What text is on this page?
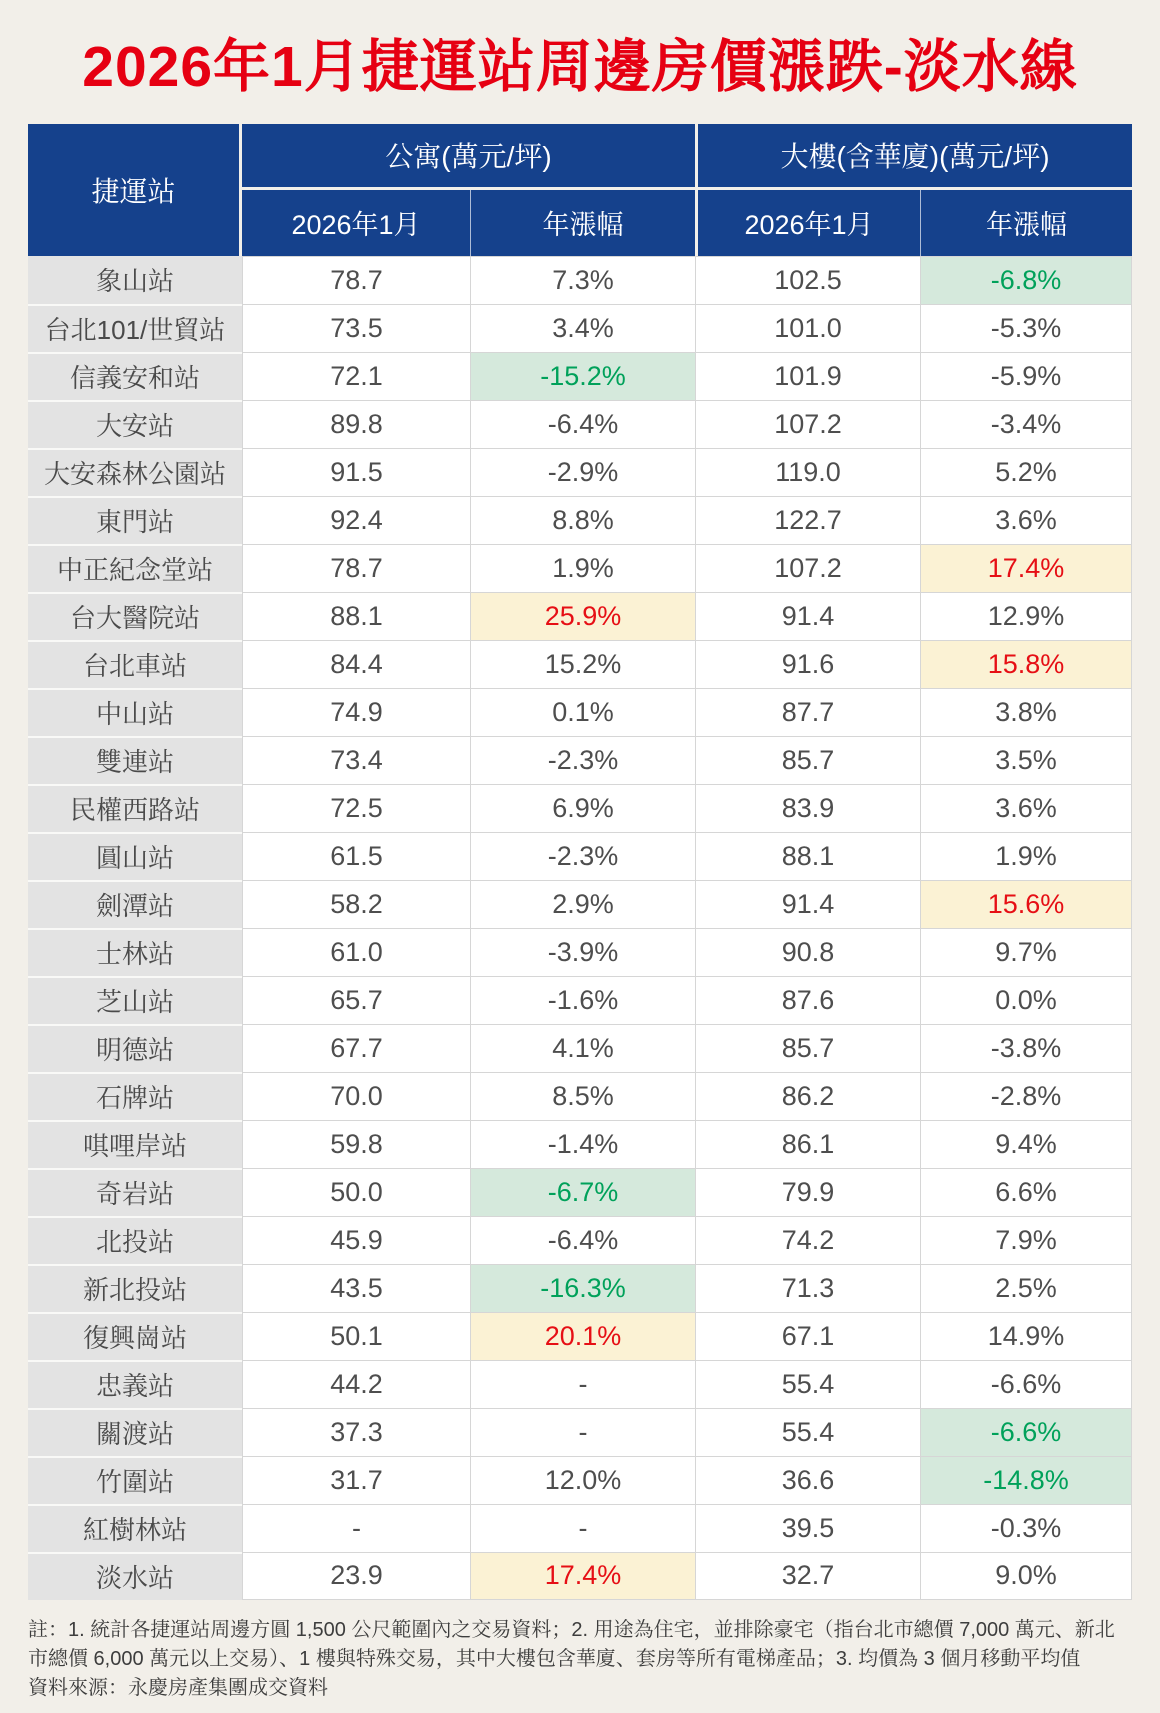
2026年1月捷運站周邊房價漲跌-淡水線
捷運站	公寓(萬元/坪)		大樓(含華廈)(萬元/坪)	
	2026年1月	年漲幅	2026年1月	年漲幅
象山站	78.7	7.3%	102.5	-6.8%
台北101/世貿站	73.5	3.4%	101.0	-5.3%
信義安和站	72.1	-15.2%	101.9	-5.9%
大安站	89.8	-6.4%	107.2	-3.4%
大安森林公園站	91.5	-2.9%	119.0	5.2%
東門站	92.4	8.8%	122.7	3.6%
中正紀念堂站	78.7	1.9%	107.2	17.4%
台大醫院站	88.1	25.9%	91.4	12.9%
台北車站	84.4	15.2%	91.6	15.8%
中山站	74.9	0.1%	87.7	3.8%
雙連站	73.4	-2.3%	85.7	3.5%
民權西路站	72.5	6.9%	83.9	3.6%
圓山站	61.5	-2.3%	88.1	1.9%
劍潭站	58.2	2.9%	91.4	15.6%
士林站	61.0	-3.9%	90.8	9.7%
芝山站	65.7	-1.6%	87.6	0.0%
明德站	67.7	4.1%	85.7	-3.8%
石牌站	70.0	8.5%	86.2	-2.8%
唭哩岸站	59.8	-1.4%	86.1	9.4%
奇岩站	50.0	-6.7%	79.9	6.6%
北投站	45.9	-6.4%	74.2	7.9%
新北投站	43.5	-16.3%	71.3	2.5%
復興崗站	50.1	20.1%	67.1	14.9%
忠義站	44.2	-	55.4	-6.6%
關渡站	37.3	-	55.4	-6.6%
竹圍站	31.7	12.0%	36.6	-14.8%
紅樹林站	-	-	39.5	-0.3%
淡水站	23.9	17.4%	32.7	9.0%

註：1. 統計各捷運站周邊方圓 1,500 公尺範圍內之交易資料；2. 用途為住宅，並排除豪宅（指台北市總價 7,000 萬元、新北市總價 6,000 萬元以上交易）、1 樓與特殊交易，其中大樓包含華廈、套房等所有電梯產品；3. 均價為 3 個月移動平均值

資料來源：永慶房產集團成交資料
